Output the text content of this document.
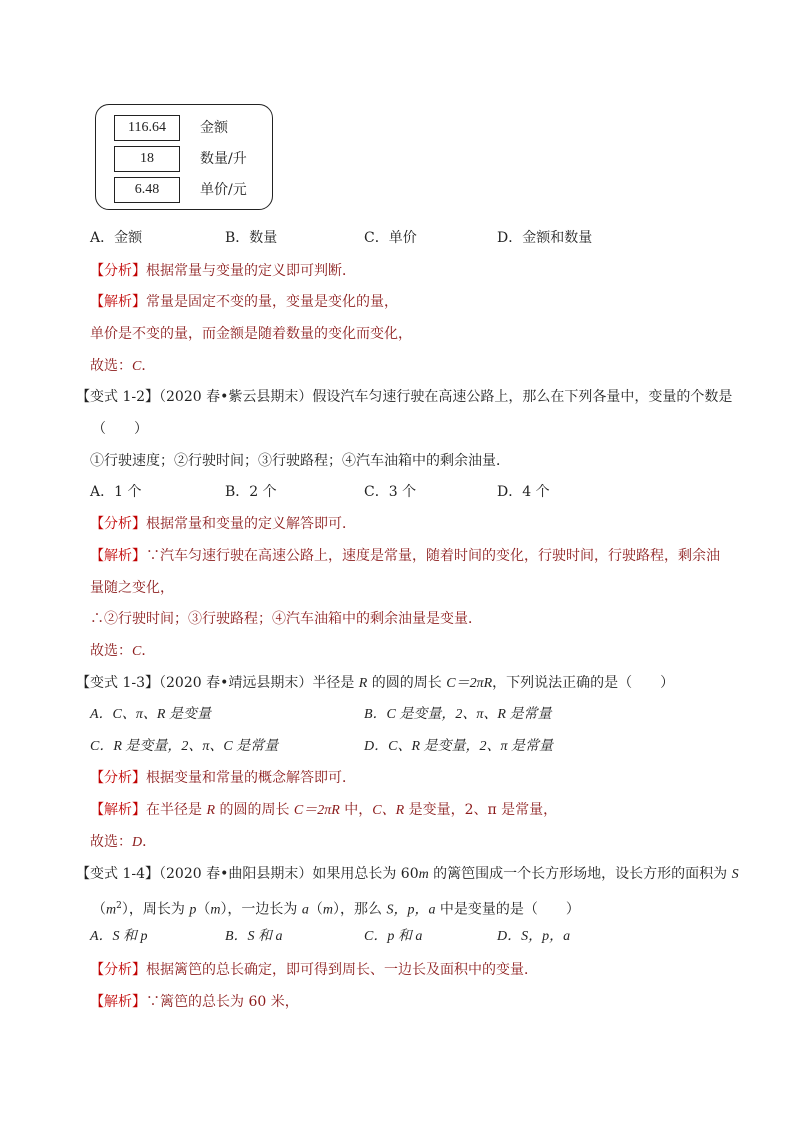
116.64	金额
18	数量/升
6.48	单价/元
A．金额	B．数量	C．单价	D．金额和数量
【分析】根据常量与变量的定义即可判断．
【解析】常量是固定不变的量，变量是变化的量，
单价是不变的量，而金额是随着数量的变化而变化，
故选：C．
【变式 1-2】（2020 春•紫云县期末）假设汽车匀速行驶在高速公路上，那么在下列各量中，变量的个数是
（　　）
①行驶速度；②行驶时间；③行驶路程；④汽车油箱中的剩余油量．
A．1 个	B．2 个	C．3 个	D．4 个
【分析】根据常量和变量的定义解答即可．
【解析】∵汽车匀速行驶在高速公路上，速度是常量，随着时间的变化，行驶时间，行驶路程，剩余油
量随之变化，
∴②行驶时间；③行驶路程；④汽车油箱中的剩余油量是变量．
故选：C．
【变式 1-3】（2020 春•靖远县期末）半径是 R 的圆的周长 C＝2πR，下列说法正确的是（　　）
A．C、π、R 是变量	B．C 是变量，2、π、R 是常量
C．R 是变量，2、π、C 是常量	D．C、R 是变量，2、π 是常量
【分析】根据变量和常量的概念解答即可．
【解析】在半径是 R 的圆的周长 C＝2πR 中，C、R 是变量，2、π 是常量，
故选：D．
【变式 1-4】（2020 春•曲阳县期末）如果用总长为 60m 的篱笆围成一个长方形场地，设长方形的面积为 S
$(m^2)$，周长为 p（m），一边长为 a（m），那么 S，p，a 中是变量的是（　　）
A．S 和 p	B．S 和 a	C．p 和 a	D．S，p，a
【分析】根据篱笆的总长确定，即可得到周长、一边长及面积中的变量．
【解析】∵篱笆的总长为 60 米，
